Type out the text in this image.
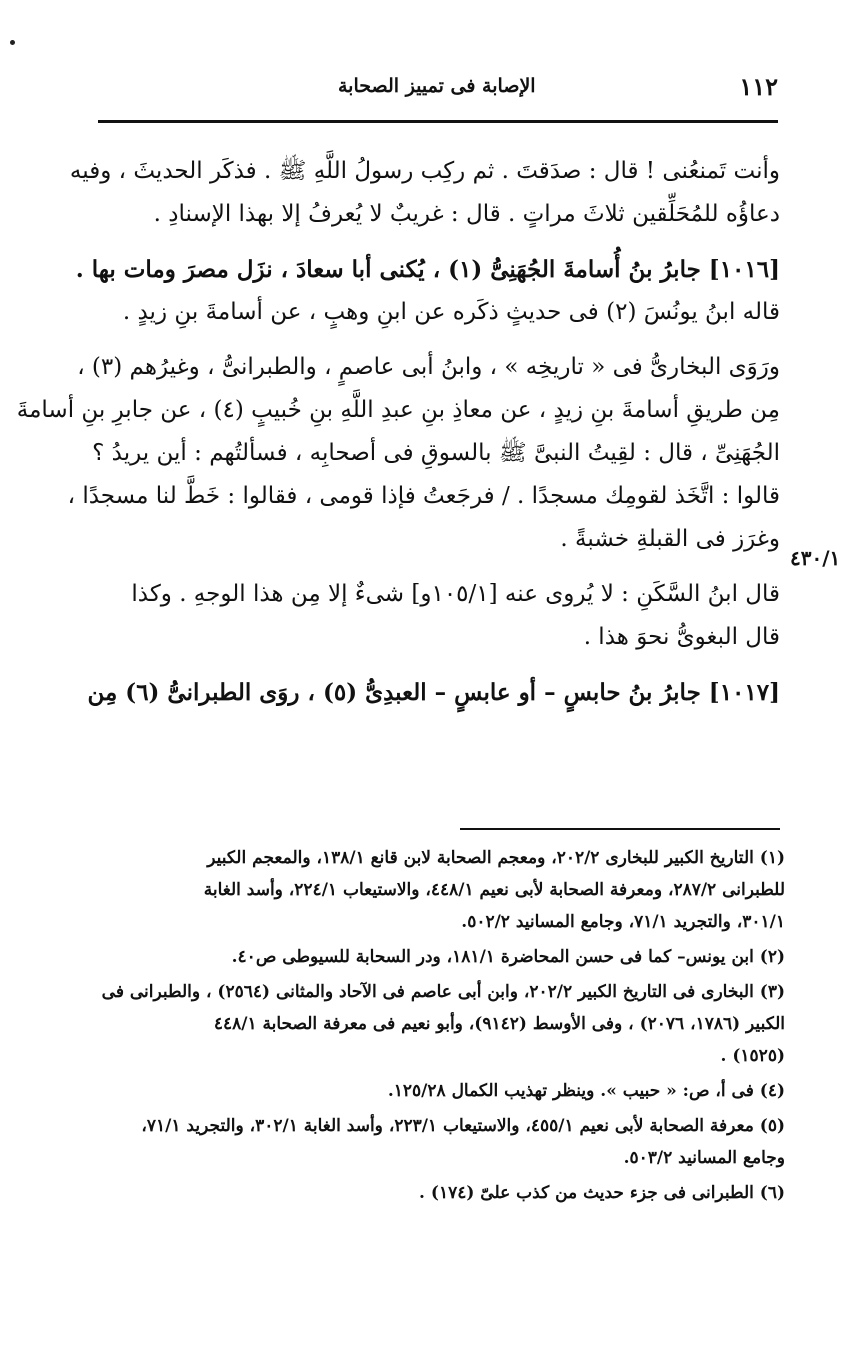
١١٢
الإصابة فى تمييز الصحابة

وأنت تَمنعُنى ! قال : صدَقتَ . ثم ركِب رسولُ اللَّهِ ﷺ . فذكَر الحديثَ ، وفيه
دعاؤُه للمُحَلِّقين ثلاثَ مراتٍ . قال : غريبٌ لا يُعرفُ إلا بهذا الإسنادِ .

[١٠١٦] جابرُ بنُ أُسامةَ الجُهَنِىُّ (١) ، يُكنى أبا سعادَ ، نزَل مصرَ ومات بها .
قاله ابنُ يونُسَ (٢) فى حديثٍ ذكَره عن ابنِ وهبٍ ، عن أسامةَ بنِ زيدٍ .

ورَوَى البخارىُّ فى « تاريخِه » ، وابنُ أبى عاصمٍ ، والطبرانىُّ ، وغيرُهم (٣) ،
مِن طريقِ أسامةَ بنِ زيدٍ ، عن معاذِ بنِ عبدِ اللَّهِ بنِ خُبيبٍ (٤) ، عن جابرِ بنِ أسامةَ
الجُهَنِىِّ ، قال : لقِيتُ النبىَّ ﷺ بالسوقِ فى أصحابِه ، فسألتُهم : أين يريدُ ؟
قالوا : اتَّخَذ لقومِك مسجدًا . / فرجَعتُ فإذا قومى ، فقالوا : خَطَّ لنا مسجدًا ،
وغرَز فى القبلةِ خشبةً .

قال ابنُ السَّكَنِ : لا يُروى عنه [١٠٥/١و] شىءٌ إلا مِن هذا الوجهِ . وكذا
قال البغوىُّ نحوَ هذا .

[١٠١٧] جابرُ بنُ حابسٍ – أو عابسٍ – العبدِىُّ (٥) ، روَى الطبرانىُّ (٦) مِن

٤٣٠/١

(١) التاريخ الكبير للبخارى ٢٠٢/٢، ومعجم الصحابة لابن قانع ١٣٨/١، والمعجم الكبير
للطبرانى ٢٨٧/٢، ومعرفة الصحابة لأبى نعيم ٤٤٨/١، والاستيعاب ٢٢٤/١، وأسد الغابة
٣٠١/١، والتجريد ٧١/١، وجامع المسانيد ٥٠٢/٢.

(٢) ابن يونس– كما فى حسن المحاضرة ١٨١/١، ودر السحابة للسيوطى ص٤٠.

(٣) البخارى فى التاريخ الكبير ٢٠٢/٢، وابن أبى عاصم فى الآحاد والمثانى (٢٥٦٤) ، والطبرانى فى
الكبير (١٧٨٦، ٢٠٧٦) ، وفى الأوسط (٩١٤٢)، وأبو نعيم فى معرفة الصحابة ٤٤٨/١
(١٥٢٥) .

(٤) فى أ، ص: « حبيب ». وينظر تهذيب الكمال ١٢٥/٢٨.

(٥) معرفة الصحابة لأبى نعيم ٤٥٥/١، والاستيعاب ٢٢٣/١، وأسد الغابة ٣٠٢/١، والتجريد ٧١/١،
وجامع المسانيد ٥٠٣/٢.

(٦) الطبرانى فى جزء حديث من كذب علىّ (١٧٤) .
